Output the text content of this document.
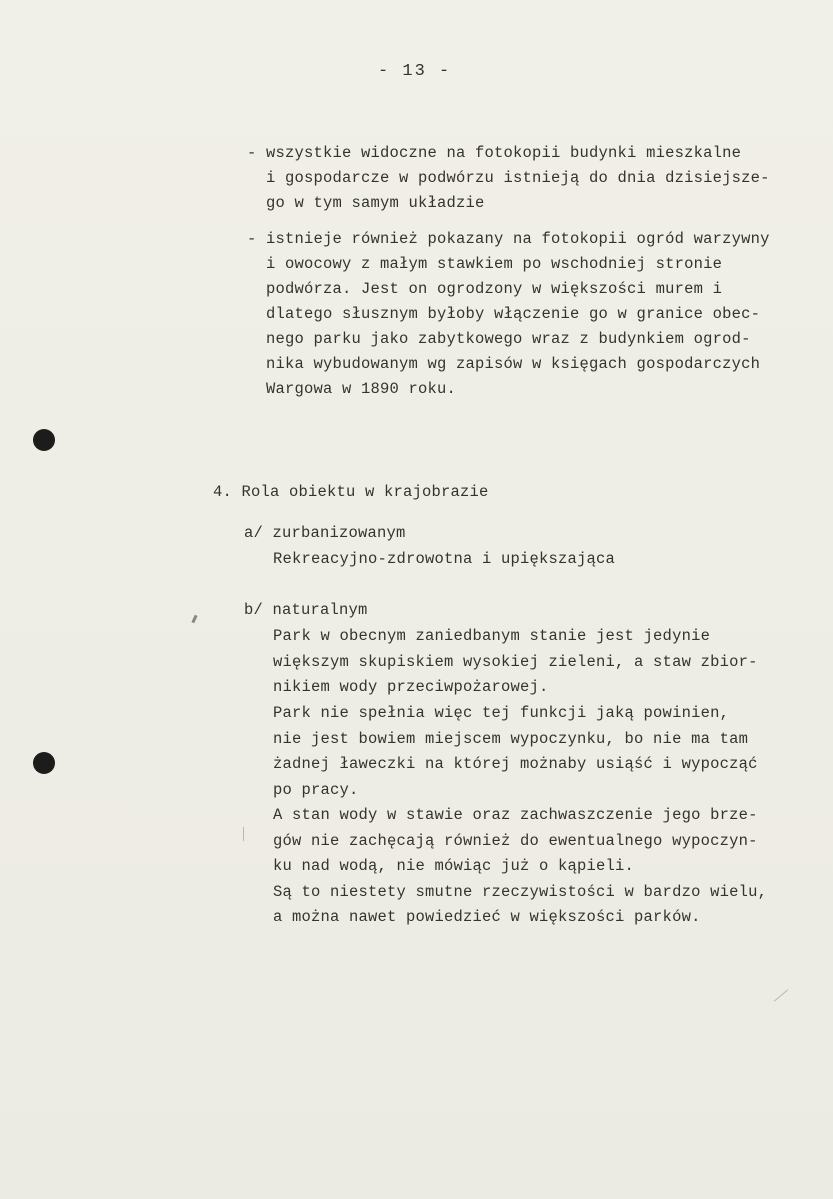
- 13 -
- wszystkie widoczne na fotokopii budynki mieszkalne
i gospodarcze w podwórzu istnieją do dnia dzisiejsze-
go w tym samym układzie
- istnieje również pokazany na fotokopii ogród warzywny
i owocowy z małym stawkiem po wschodniej stronie
podwórza. Jest on ogrodzony w większości murem i
dlatego słusznym byłoby włączenie go w granice obec-
nego parku jako zabytkowego wraz z budynkiem ogrod-
nika wybudowanym wg zapisów w księgach gospodarczych
Wargowa w 1890 roku.
4. Rola obiektu w krajobrazie
a/ zurbanizowanym
Rekreacyjno-zdrowotna i upiększająca
b/ naturalnym
Park w obecnym zaniedbanym stanie jest jedynie
większym skupiskiem wysokiej zieleni, a staw zbior-
nikiem wody przeciwpożarowej.
Park nie spełnia więc tej funkcji jaką powinien,
nie jest bowiem miejscem wypoczynku, bo nie ma tam
żadnej ławeczki na której możnaby usiąść i wypocząć
po pracy.
A stan wody w stawie oraz zachwaszczenie jego brze-
gów nie zachęcają również do ewentualnego wypoczyn-
ku nad wodą, nie mówiąc już o kąpieli.
Są to niestety smutne rzeczywistości w bardzo wielu,
a można nawet powiedzieć w większości parków.
